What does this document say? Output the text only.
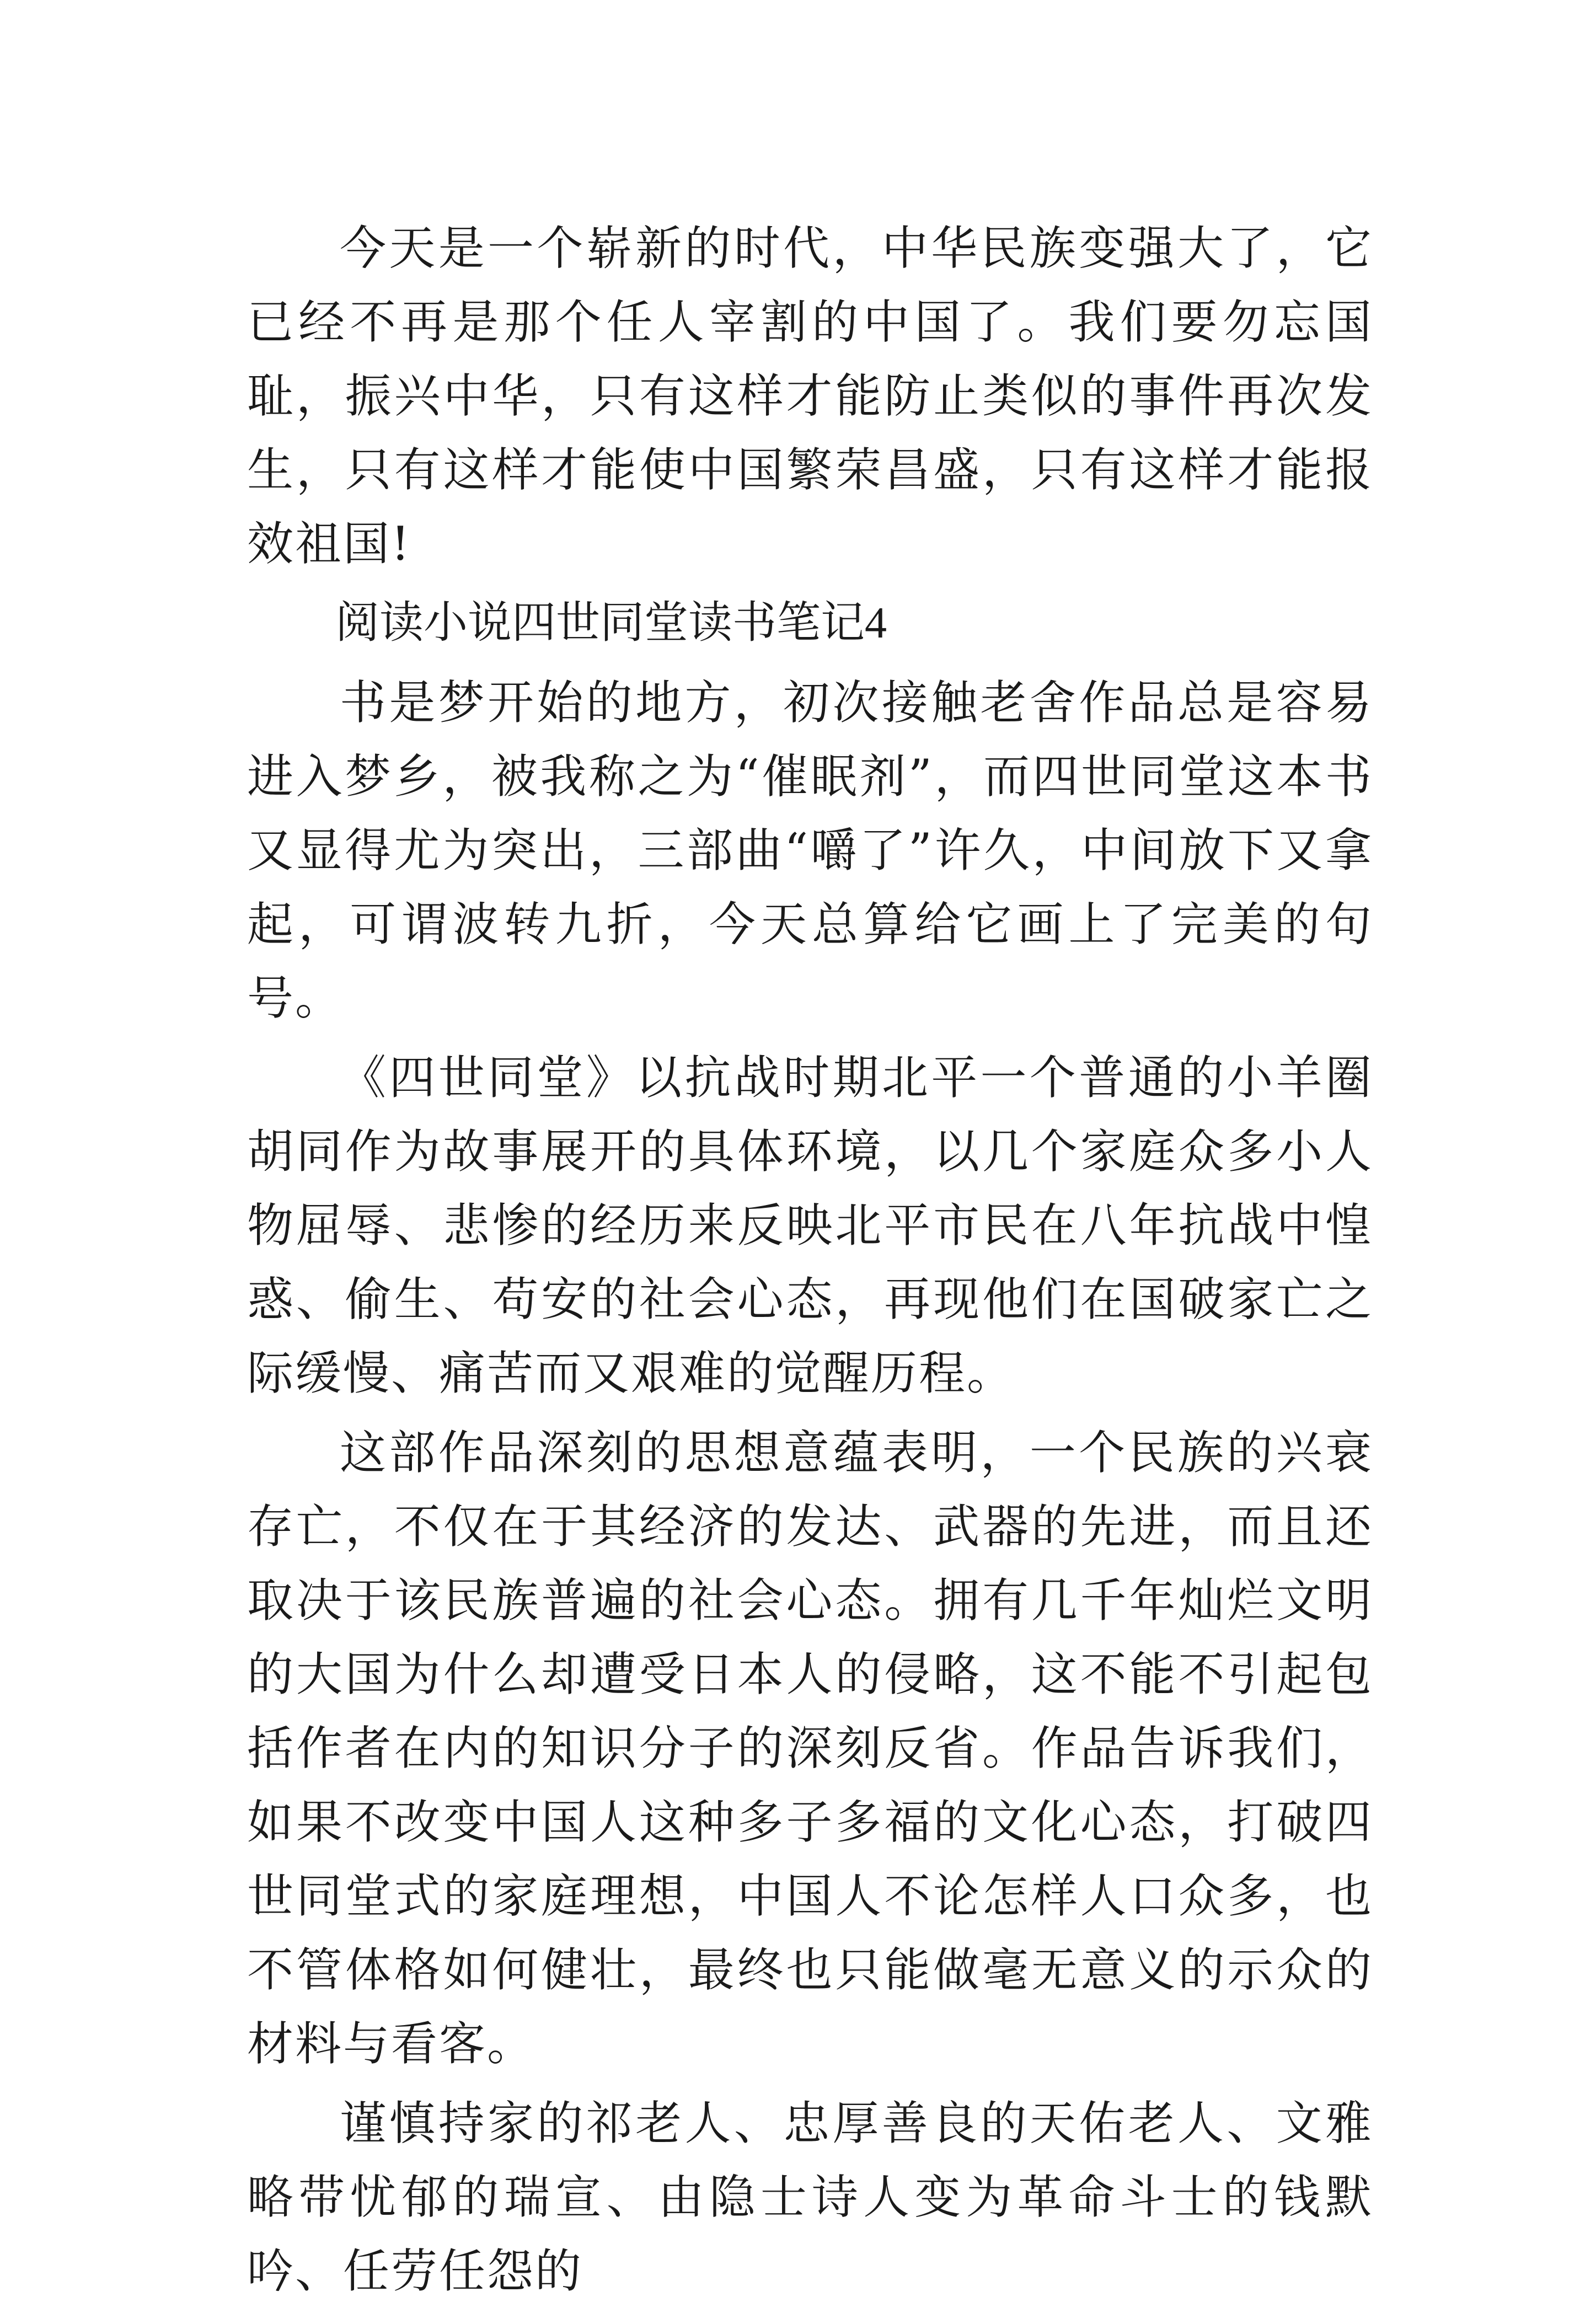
今天是一个崭新的时代，中华民族变强大了，它已经不再是那个任人宰割的中国了。我们要勿忘国耻，振兴中华，只有这样才能防止类似的事件再次发生，只有这样才能使中国繁荣昌盛，只有这样才能报效祖国!

阅读小说四世同堂读书笔记4

书是梦开始的地方，初次接触老舍作品总是容易进入梦乡，被我称之为“催眠剂”，而四世同堂这本书又显得尤为突出，三部曲“嚼了”许久，中间放下又拿起，可谓波转九折，今天总算给它画上了完美的句号。

《四世同堂》以抗战时期北平一个普通的小羊圈胡同作为故事展开的具体环境，以几个家庭众多小人物屈辱、悲惨的经历来反映北平市民在八年抗战中惶惑、偷生、苟安的社会心态，再现他们在国破家亡之际缓慢、痛苦而又艰难的觉醒历程。

这部作品深刻的思想意蕴表明，一个民族的兴衰存亡，不仅在于其经济的发达、武器的先进，而且还取决于该民族普遍的社会心态。拥有几千年灿烂文明的大国为什么却遭受日本人的侵略，这不能不引起包括作者在内的知识分子的深刻反省。作品告诉我们，如果不改变中国人这种多子多福的文化心态，打破四世同堂式的家庭理想，中国人不论怎样人口众多，也不管体格如何健壮，最终也只能做毫无意义的示众的材料与看客。

谨慎持家的祁老人、忠厚善良的天佑老人、文雅略带忧郁的瑞宣、由隐士诗人变为革命斗士的钱默吟、任劳任怨的
